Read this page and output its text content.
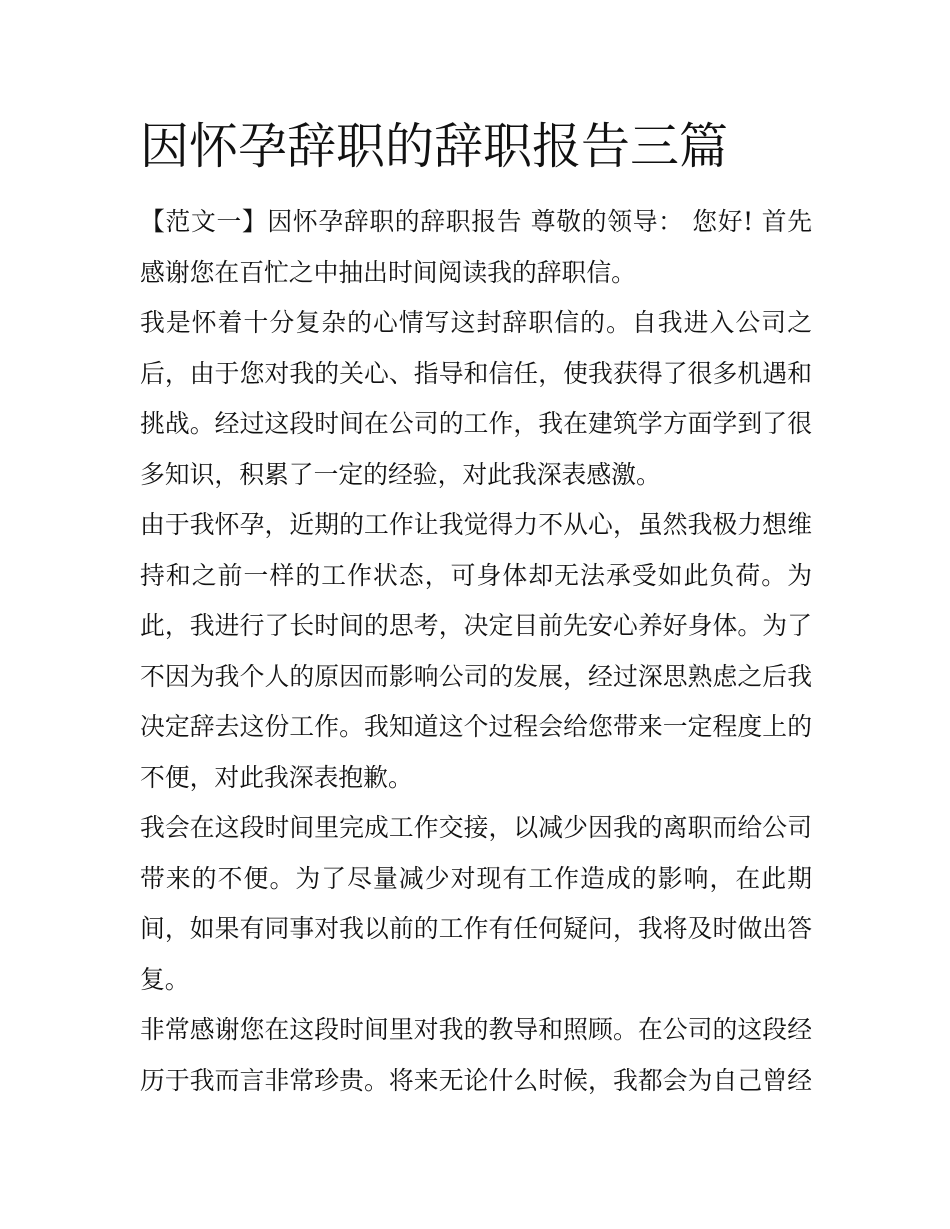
因怀孕辞职的辞职报告三篇
【范文一】因怀孕辞职的辞职报告 尊敬的领导： 您好! 首先
感谢您在百忙之中抽出时间阅读我的辞职信。
我是怀着十分复杂的心情写这封辞职信的。自我进入公司之
后，由于您对我的关心、指导和信任，使我获得了很多机遇和
挑战。经过这段时间在公司的工作，我在建筑学方面学到了很
多知识，积累了一定的经验，对此我深表感激。
由于我怀孕，近期的工作让我觉得力不从心，虽然我极力想维
持和之前一样的工作状态，可身体却无法承受如此负荷。为
此，我进行了长时间的思考，决定目前先安心养好身体。为了
不因为我个人的原因而影响公司的发展，经过深思熟虑之后我
决定辞去这份工作。我知道这个过程会给您带来一定程度上的
不便，对此我深表抱歉。
我会在这段时间里完成工作交接，以减少因我的离职而给公司
带来的不便。为了尽量减少对现有工作造成的影响，在此期
间，如果有同事对我以前的工作有任何疑问，我将及时做出答
复。
非常感谢您在这段时间里对我的教导和照顾。在公司的这段经
历于我而言非常珍贵。将来无论什么时候，我都会为自己曾经
